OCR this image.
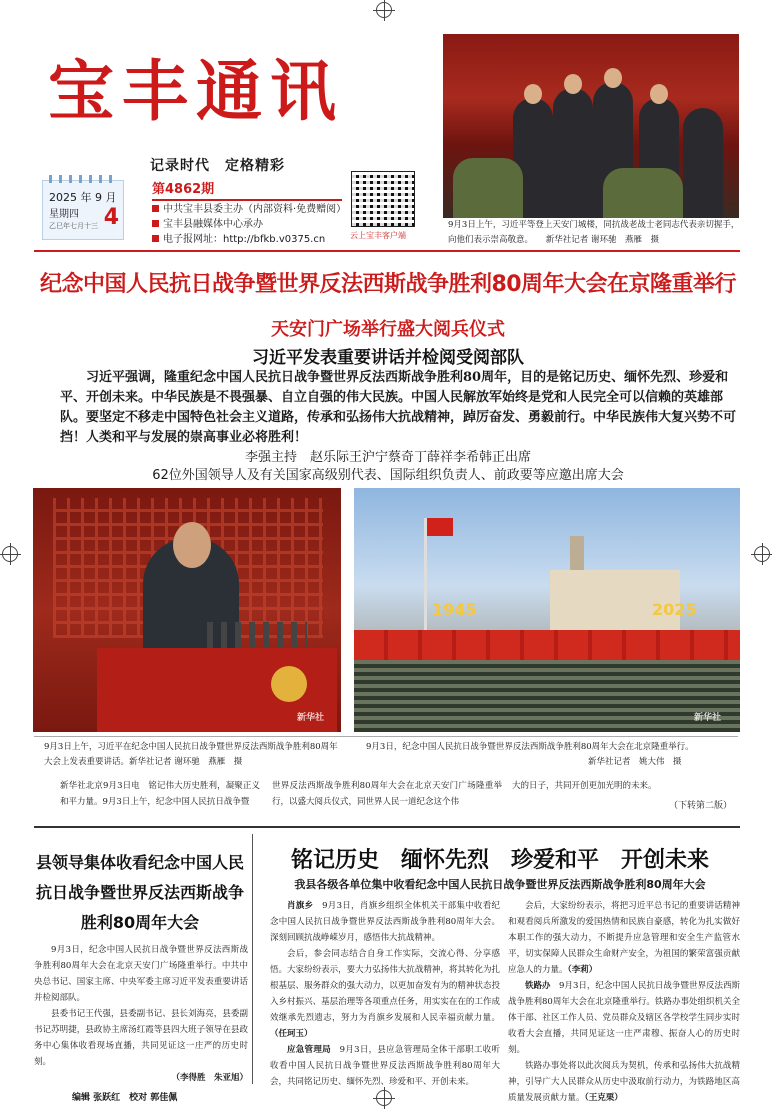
宝丰通讯
记录时代　定格精彩
2025 年 9 月
星期四
乙巳年七月十三 4
第4862期
中共宝丰县委主办（内部资料·免费赠阅）
宝丰县融媒体中心承办
电子报网址：http://bfkb.v0375.cn	云上宝丰客户端
9月3日上午，习近平等登上天安门城楼，同抗战老战士老同志代表亲切握手，向他们表示崇高敬意。　　新华社记者 谢环驰　燕雁　摄
纪念中国人民抗日战争暨世界反法西斯战争胜利80周年大会在京隆重举行
天安门广场举行盛大阅兵仪式
习近平发表重要讲话并检阅受阅部队
习近平强调，隆重纪念中国人民抗日战争暨世界反法西斯战争胜利80周年，目的是铭记历史、缅怀先烈、珍爱和平、开创未来。中华民族是不畏强暴、自立自强的伟大民族。中国人民解放军始终是党和人民完全可以信赖的英雄部队。要坚定不移走中国特色社会主义道路，传承和弘扬伟大抗战精神，踔厉奋发、勇毅前行。中华民族伟大复兴势不可挡！人类和平与发展的崇高事业必将胜利！
李强主持　赵乐际王沪宁蔡奇丁薛祥李希韩正出席
62位外国领导人及有关国家高级别代表、国际组织负责人、前政要等应邀出席大会
新华社
1945	2025
新华社
9月3日上午，习近平在纪念中国人民抗日战争暨世界反法西斯战争胜利80周年大会上发表重要讲话。新华社记者 谢环驰　燕雁　摄
9月3日，纪念中国人民抗日战争暨世界反法西斯战争胜利80周年大会在北京隆重举行。
新华社记者　姚大伟　摄
新华社北京9月3日电　铭记伟大历史胜利，凝聚正义和平力量。9月3日上午，纪念中国人民抗日战争暨
世界反法西斯战争胜利80周年大会在北京天安门广场隆重举行，以盛大阅兵仪式，同世界人民一道纪念这个伟
大的日子，共同开创更加光明的未来。
（下转第二版）
县领导集体收看纪念中国人民抗日战争暨世界反法西斯战争胜利80周年大会

9月3日，纪念中国人民抗日战争暨世界反法西斯战争胜利80周年大会在北京天安门广场隆重举行。中共中央总书记、国家主席、中央军委主席习近平发表重要讲话并检阅部队。

县委书记王代强，县委副书记、县长刘海亮，县委副书记苏明捷，县政协主席汤红霞等县四大班子领导在县政务中心集体收看现场直播，共同见证这一庄严的历史时刻。

（李得胜　朱亚旭）
编辑 张跃红　校对 郭佳佩
铭记历史　缅怀先烈　珍爱和平　开创未来
我县各级各单位集中收看纪念中国人民抗日战争暨世界反法西斯战争胜利80周年大会

肖旗乡　 9月3日，肖旗乡组织全体机关干部集中收看纪念中国人民抗日战争暨世界反法西斯战争胜利80周年大会。深刻回顾抗战峥嵘岁月，感悟伟大抗战精神。

会后，参会同志结合自身工作实际，交流心得、分享感悟。大家纷纷表示，要大力弘扬伟大抗战精神，将其转化为扎根基层、服务群众的强大动力，以更加奋发有为的精神状态投入乡村振兴、基层治理等各项重点任务，用实实在在的工作成效继承先烈遗志，努力为肖旗乡发展和人民幸福贡献力量。（任珂玉）

应急管理局　 9月3日，县应急管理局全体干部职工收听收看中国人民抗日战争暨世界反法西斯战争胜利80周年大会，共同铭记历史、缅怀先烈、珍爱和平、开创未来。

会后，大家纷纷表示，将把习近平总书记的重要讲话精神和观看阅兵所激发的爱国热情和民族自豪感，转化为扎实做好本职工作的强大动力，不断提升应急管理和安全生产监管水平，切实保障人民群众生命财产安全，为祖国的繁荣富强贡献应急人的力量。（李莉）

铁路办　 9月3日，纪念中国人民抗日战争暨世界反法西斯战争胜利80周年大会在北京隆重举行。铁路办事处组织机关全体干部、社区工作人员、党员群众及辖区各学校学生同步实时收看大会直播，共同见证这一庄严肃穆、振奋人心的历史时刻。

铁路办事处将以此次阅兵为契机，传承和弘扬伟大抗战精神，引导广大人民群众从历史中汲取前行动力，为铁路地区高质量发展贡献力量。（王克栗）
